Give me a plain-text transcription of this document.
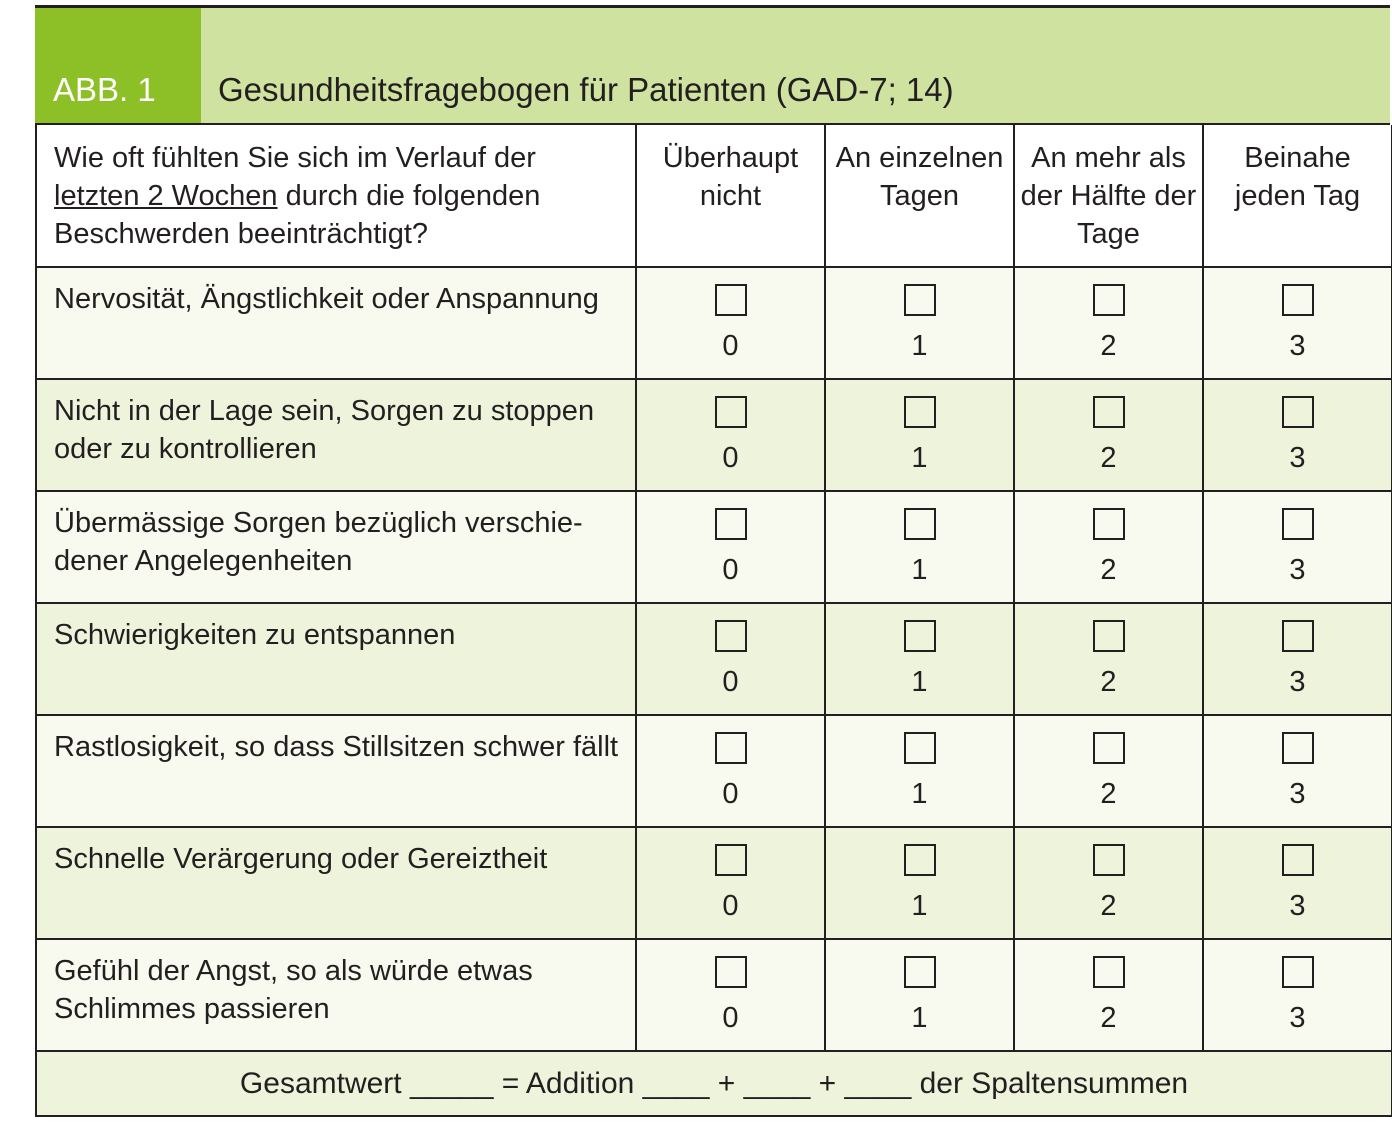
ABB. 1	Gesundheitsfragebogen für Patienten (GAD-7; 14)
Wie oft fühlten Sie sich im Verlauf der letzten 2 Wochen durch die folgenden Beschwerden beeinträchtigt?	Überhaupt nicht	An einzelnen Tagen	An mehr als der Hälfte der Tage	Beinahe jeden Tag
Nervosität, Ängstlichkeit oder Anspannung	0	1	2	3

Nicht in der Lage sein, Sorgen zu stoppen oder zu kontrollieren	0	1	2	3

Übermässige Sorgen bezüglich verschie-dener Angelegenheiten	0	1	2	3

Schwierigkeiten zu entspannen	0	1	2	3

Rastlosigkeit, so dass Stillsitzen schwer fällt	0	1	2	3

Schnelle Verärgerung oder Gereiztheit	0	1	2	3

Gefühl der Angst, so als würde etwas Schlimmes passieren	0	1	2	3

Gesamtwert _____ = Addition ____ + ____ + ____ der Spaltensummen				
